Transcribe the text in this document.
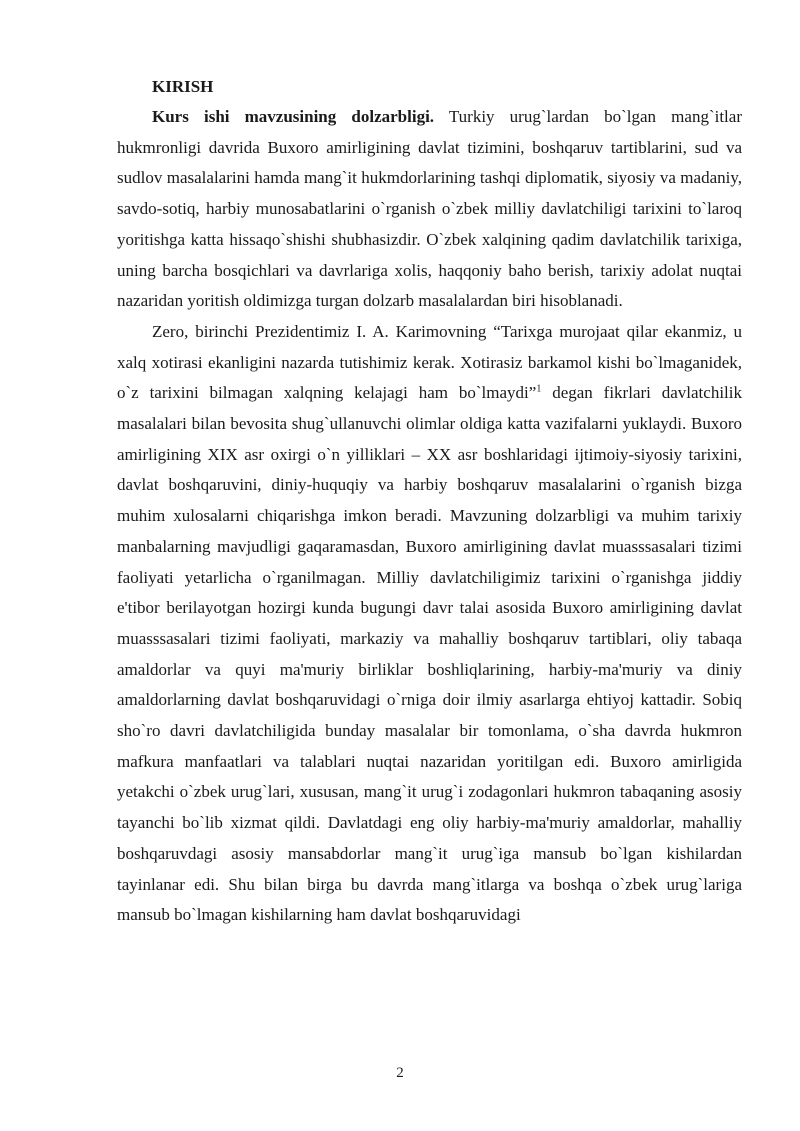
KIRISH

Kurs ishi mavzusining dolzarbligi. Turkiy urug`lardan bo`lgan mang`itlar hukmronligi davrida Buxoro amirligining davlat tizimini, boshqaruv tartiblarini, sud va sudlov masalalarini hamda mang`it hukmdorlarining tashqi diplomatik, siyosiy va madaniy, savdo-sotiq, harbiy munosabatlarini o`rganish o`zbek milliy davlatchiligi tarixini to`laroq yoritishga katta hissaqo`shishi shubhasizdir. O`zbek xalqining qadim davlatchilik tarixiga, uning barcha bosqichlari va davrlariga xolis, haqqoniy baho berish, tarixiy adolat nuqtai nazaridan yoritish oldimizga turgan dolzarb masalalardan biri hisoblanadi.

Zero, birinchi Prezidentimiz I. A. Karimovning “Tarixga murojaat qilar ekanmiz, u xalq xotirasi ekanligini nazarda tutishimiz kerak. Xotirasiz barkamol kishi bo`lmaganidek, o`z tarixini bilmagan xalqning kelajagi ham bo`lmaydi”$^1$ degan fikrlari davlatchilik masalalari bilan bevosita shug`ullanuvchi olimlar oldiga katta vazifalarni yuklaydi. Buxoro amirligining XIX asr oxirgi o`n yilliklari – XX asr boshlaridagi ijtimoiy-siyosiy tarixini, davlat boshqaruvini, diniy-huquqiy va harbiy boshqaruv masalalarini o`rganish bizga muhim xulosalarni chiqarishga imkon beradi. Mavzuning dolzarbligi va muhim tarixiy manbalarning mavjudligi gaqaramasdan, Buxoro amirligining davlat muasssasalari tizimi faoliyati yetarlicha o`rganilmagan. Milliy davlatchiligimiz tarixini o`rganishga jiddiy e'tibor berilayotgan hozirgi kunda bugungi davr talai asosida Buxoro amirligining davlat muasssasalari tizimi faoliyati, markaziy va mahalliy boshqaruv tartiblari, oliy tabaqa amaldorlar va quyi ma'muriy birliklar boshliqlarining, harbiy-ma'muriy va diniy amaldorlarning davlat boshqaruvidagi o`rniga doir ilmiy asarlarga ehtiyoj kattadir. Sobiq sho`ro davri davlatchiligida bunday masalalar bir tomonlama, o`sha davrda hukmron mafkura manfaatlari va talablari nuqtai nazaridan yoritilgan edi. Buxoro amirligida yetakchi o`zbek urug`lari, xususan, mang`it urug`i zodagonlari hukmron tabaqaning asosiy tayanchi bo`lib xizmat qildi. Davlatdagi eng oliy harbiy-ma'muriy amaldorlar, mahalliy boshqaruvdagi asosiy mansabdorlar mang`it urug`iga mansub bo`lgan kishilardan tayinlanar edi. Shu bilan birga bu davrda mang`itlarga va boshqa o`zbek urug`lariga mansub bo`lmagan kishilarning ham davlat boshqaruvidagi

2
